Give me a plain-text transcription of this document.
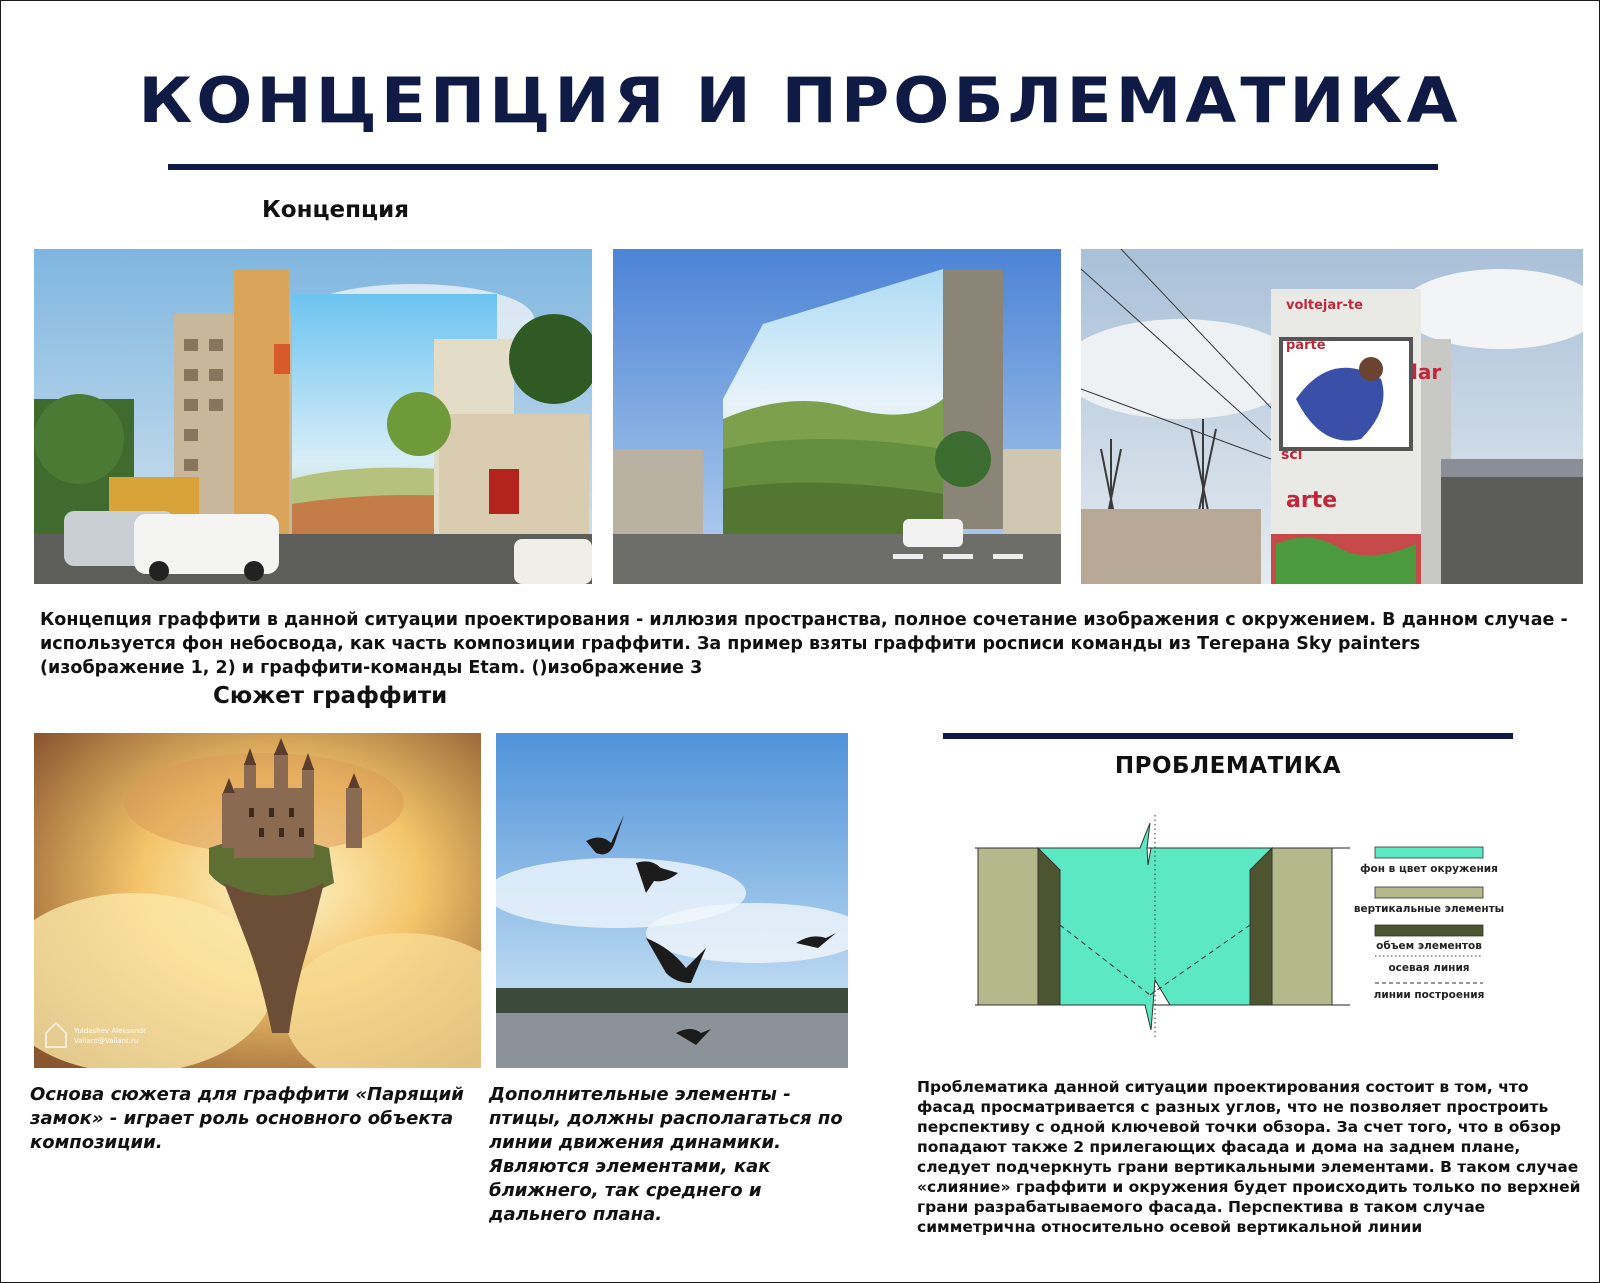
КОНЦЕПЦИЯ И ПРОБЛЕМАТИКА
Концепция
voltejar-te
parte
lar
sci
arte
Концепция граффити в данной ситуации проектирования - иллюзия пространства, полное сочетание изображения с окружением. В данном случае - используется фон небосвода, как часть композиции граффити. За пример взяты граффити росписи команды из Тегерана Sky painters (изображение 1, 2) и граффити-команды Etam. ()изображение 3
Сюжет граффити
Yuldashev Aleksandr
Valiant@Valiant.ru
Основа сюжета для граффити «Парящий замок» - играет роль основного объекта композиции.
Дополнительные элементы - птицы, должны располагаться по линии движения динамики. Являются элементами, как ближнего, так среднего и дальнего плана.
ПРОБЛЕМАТИКА
фон в цвет окружения
вертикальные элементы
объем элементов
осевая линия
линии построения
Проблематика данной ситуации проектирования состоит в том, что фасад просматривается с разных углов, что не позволяет простроить перспективу с одной ключевой точки обзора. За счет того, что в обзор попадают также 2 прилегающих фасада и дома на заднем плане, следует подчеркнуть грани вертикальными элементами. В таком случае «слияние» граффити и окружения будет происходить только по верхней грани разрабатываемого фасада. Перспектива в таком случае симметрична относительно осевой вертикальной линии
